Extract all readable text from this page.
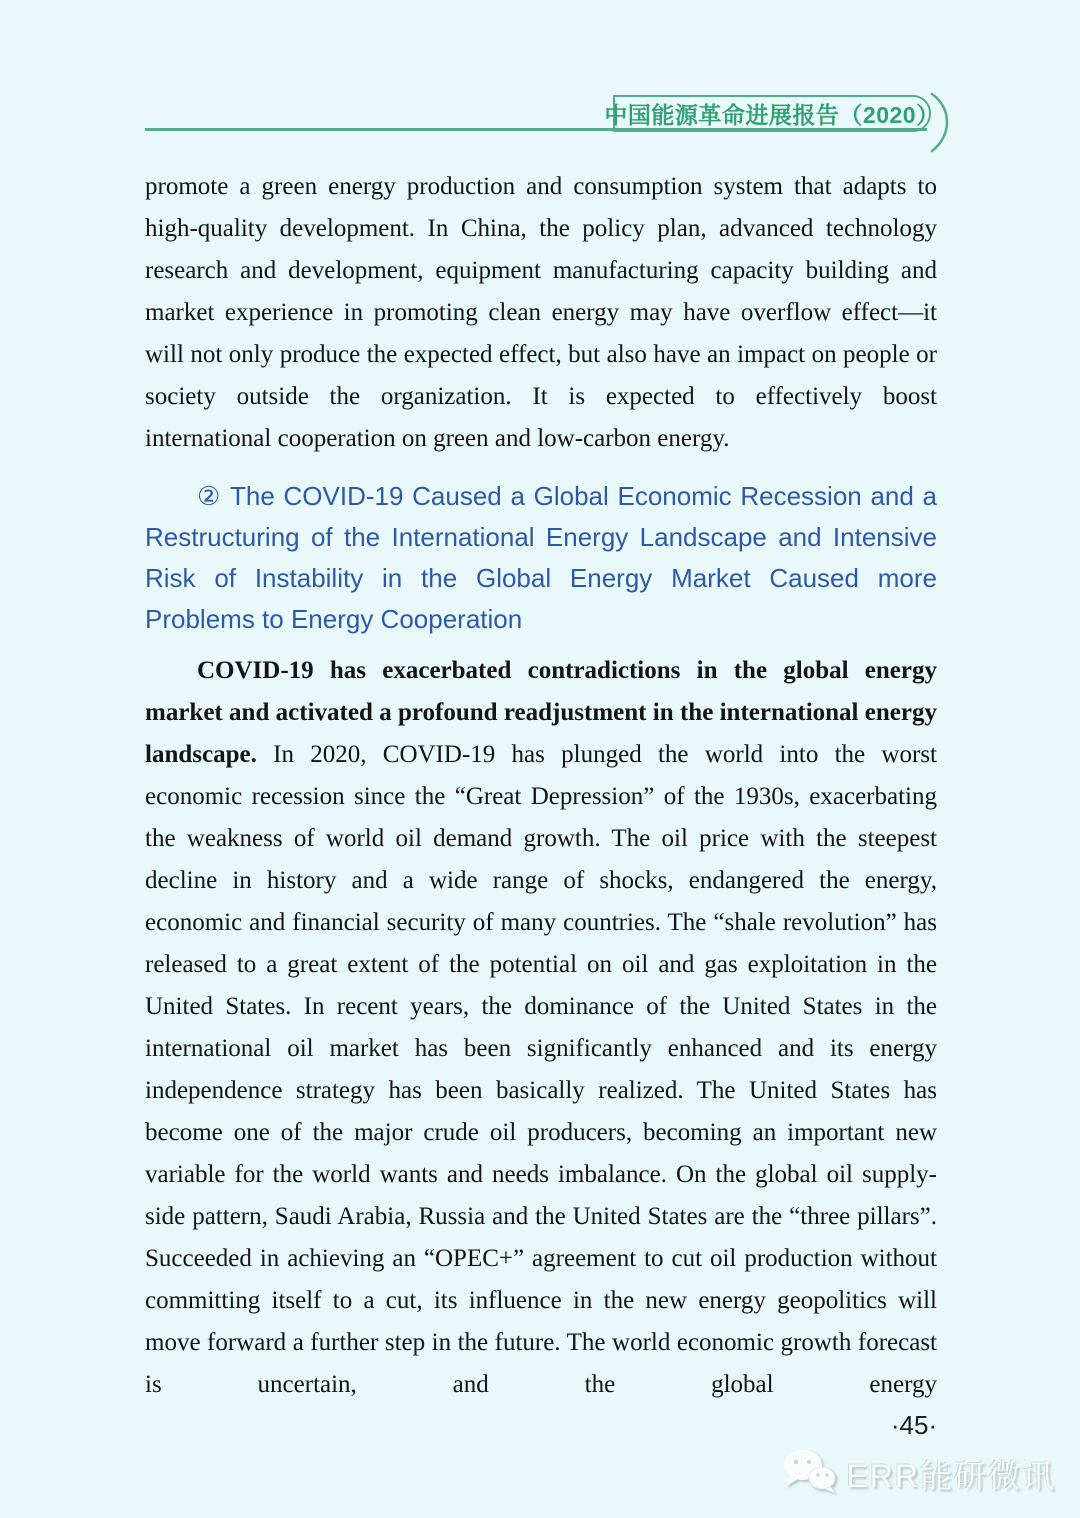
中国能源革命进展报告（2020）

promote a green energy production and consumption system that adapts to high-quality development. In China, the policy plan, advanced technology research and development, equipment manufacturing capacity building and market experience in promoting clean energy may have overflow effect—it will not only produce the expected effect, but also have an impact on people or society outside the organization. It is expected to effectively boost international cooperation on green and low-carbon energy.

② The COVID-19 Caused a Global Economic Recession and a Restructuring of the International Energy Landscape and Intensive Risk of Instability in the Global Energy Market Caused more Problems to Energy Cooperation

COVID-19 has exacerbated contradictions in the global energy market and activated a profound readjustment in the international energy landscape. In 2020, COVID-19 has plunged the world into the worst economic recession since the “Great Depression” of the 1930s, exacerbating the weakness of world oil demand growth. The oil price with the steepest decline in history and a wide range of shocks, endangered the energy, economic and financial security of many countries. The “shale revolution” has released to a great extent of the potential on oil and gas exploitation in the United States. In recent years, the dominance of the United States in the international oil market has been significantly enhanced and its energy independence strategy has been basically realized. The United States has become one of the major crude oil producers, becoming an important new variable for the world wants and needs imbalance. On the global oil supply-side pattern, Saudi Arabia, Russia and the United States are the “three pillars”. Succeeded in achieving an “OPEC+” agreement to cut oil production without committing itself to a cut, its influence in the new energy geopolitics will move forward a further step in the future. The world economic growth forecast is uncertain, and the global energy

·45·
ERR能研微讯
